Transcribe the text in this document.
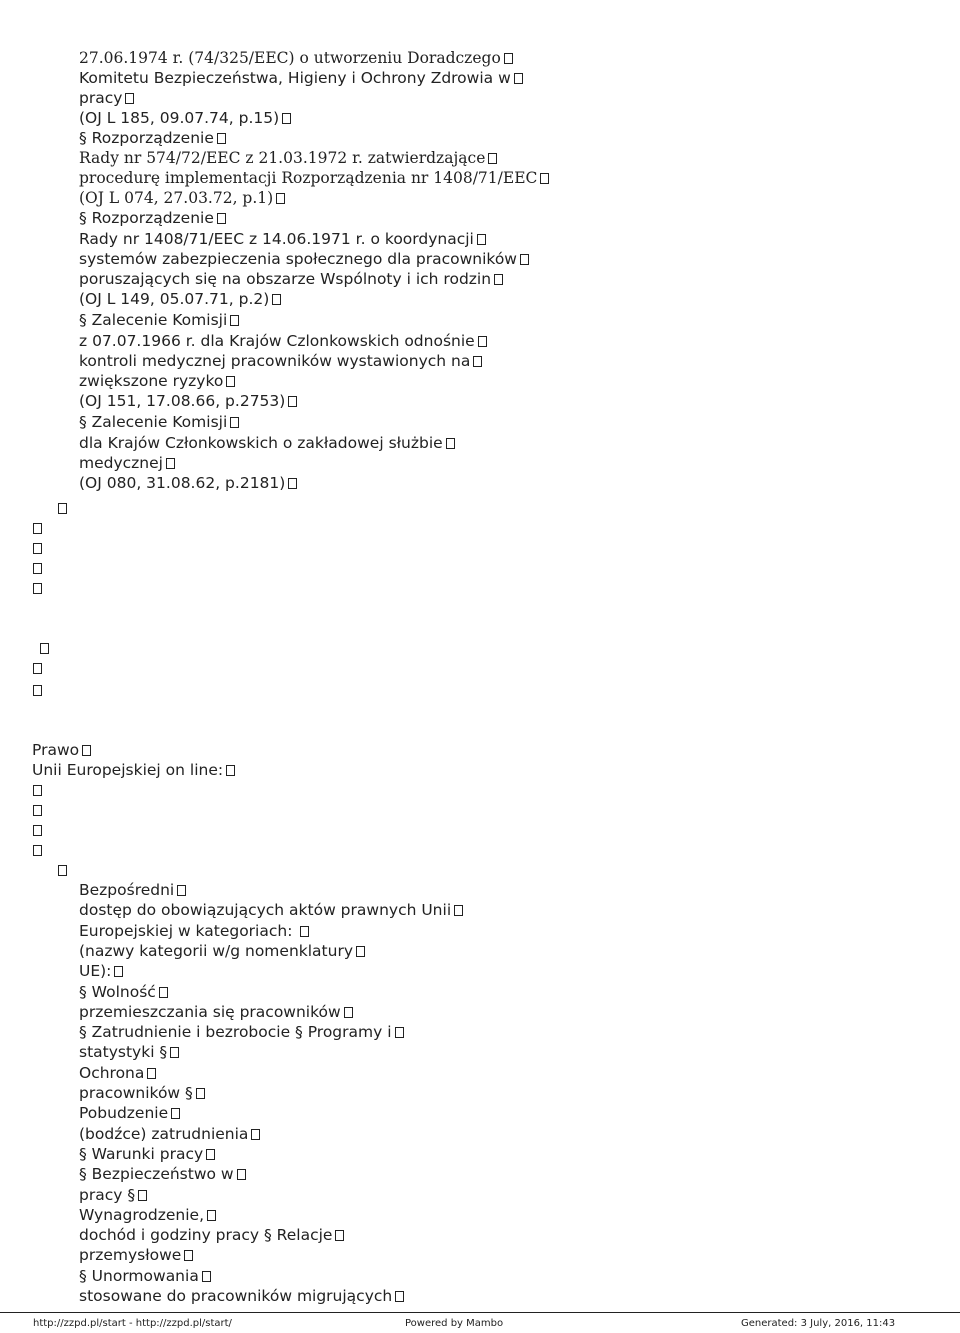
27.06.1974 r. (74/325/EEC) o utworzeniu Doradczego
Komitetu Bezpieczeństwa, Higieny i Ochrony Zdrowia w
pracy
(OJ L 185, 09.07.74, p.15)
§ Rozporządzenie
Rady nr 574/72/EEC z 21.03.1972 r. zatwierdzające
procedurę implementacji Rozporządzenia nr 1408/71/EEC
(OJ L 074, 27.03.72, p.1)
§ Rozporządzenie
Rady nr 1408/71/EEC z 14.06.1971 r. o koordynacji
systemów zabezpieczenia społecznego dla pracowników
poruszających się na obszarze Wspólnoty i ich rodzin
(OJ L 149, 05.07.71, p.2)
§ Zalecenie Komisji
z 07.07.1966 r. dla Krajów Czlonkowskich odnośnie
kontroli medycznej pracowników wystawionych na
zwiększone ryzyko
(OJ 151, 17.08.66, p.2753)
§ Zalecenie Komisji
dla Krajów Członkowskich o zakładowej służbie
medycznej
(OJ 080, 31.08.62, p.2181)
Prawo
Unii Europejskiej on line:
Bezpośredni
dostęp do obowiązujących aktów prawnych Unii
Europejskiej w kategoriach:
(nazwy kategorii w/g nomenklatury
UE):
§ Wolność
przemieszczania się pracowników
§ Zatrudnienie i bezrobocie § Programy i
statystyki §
Ochrona
pracowników §
Pobudzenie
(bodźce) zatrudnienia
§ Warunki pracy
§ Bezpieczeństwo w
pracy §
Wynagrodzenie,
dochód i godziny pracy § Relacje
przemysłowe
§ Unormowania
stosowane do pracowników migrujących
http://zzpd.pl/start - http://zzpd.pl/start/	Powered by Mambo	Generated: 3 July, 2016, 11:43
